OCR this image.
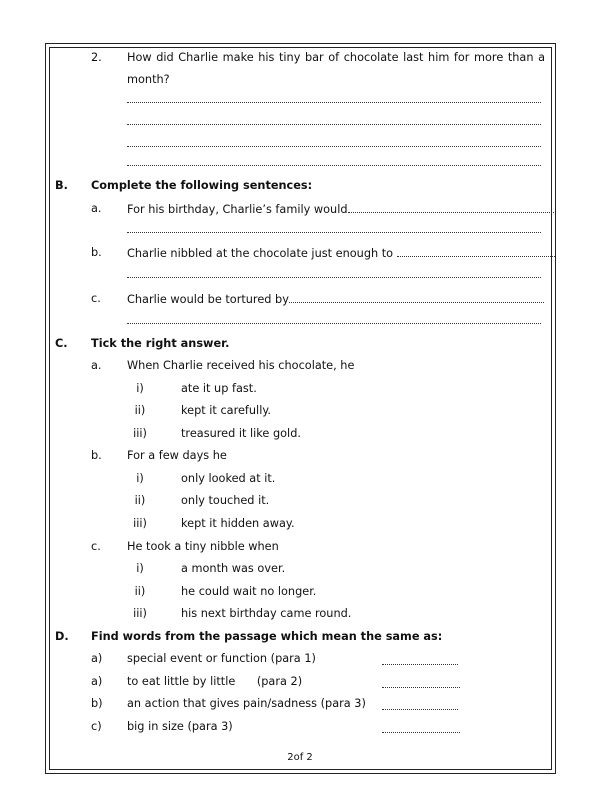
2. How did Charlie make his tiny bar of chocolate last him for more than a
month?
B. Complete the following sentences:
a. For his birthday, Charlie’s family would
b. Charlie nibbled at the chocolate just enough to
c. Charlie would be tortured by
C. Tick the right answer.
a. When Charlie received his chocolate, he
i)	ate it up fast.
ii)	kept it carefully.
iii)	treasured it like gold.
b. For a few days he
i)	only looked at it.
ii)	only touched it.
iii)	kept it hidden away.
c. He took a tiny nibble when
i)	a month was over.
ii)	he could wait no longer.
iii)	his next birthday came round.
D. Find words from the passage which mean the same as:
a) special event or function (para 1)
a) to eat little by little      (para 2)
b) an action that gives pain/sadness (para 3)
c) big in size (para 3)
2of 2
